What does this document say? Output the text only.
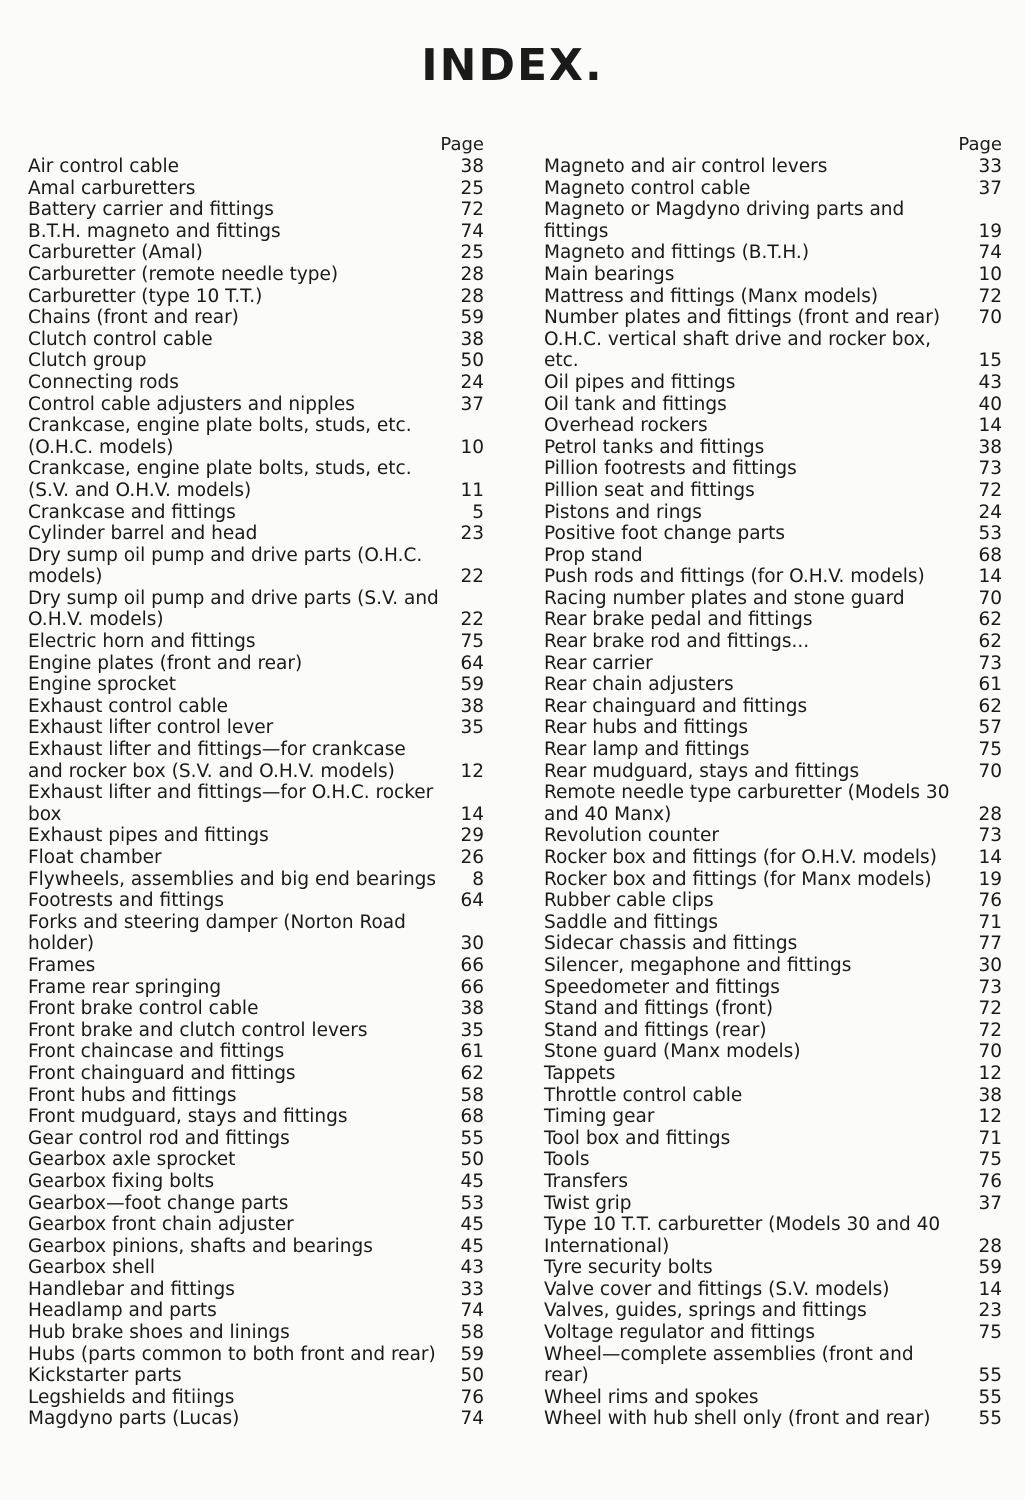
INDEX.
Page
Air control cable	38
Amal carburetters	25
Battery carrier and fittings	72
B.T.H. magneto and fittings	74
Carburetter (Amal)	25
Carburetter (remote needle type)	28
Carburetter (type 10 T.T.)	28
Chains (front and rear)	59
Clutch control cable	38
Clutch group	50
Connecting rods	24
Control cable adjusters and nipples	37
Crankcase, engine plate bolts, studs, etc. (O.H.C. models)	10
Crankcase, engine plate bolts, studs, etc. (S.V. and O.H.V. models)	11
Crankcase and fittings	5
Cylinder barrel and head	23
Dry sump oil pump and drive parts (O.H.C. models)	22
Dry sump oil pump and drive parts (S.V. and O.H.V. models)	22
Electric horn and fittings	75
Engine plates (front and rear)	64
Engine sprocket	59
Exhaust control cable	38
Exhaust lifter control lever	35
Exhaust lifter and fittings—for crankcase and rocker box (S.V. and O.H.V. models)	12
Exhaust lifter and fittings—for O.H.C. rocker box	14
Exhaust pipes and fittings	29
Float chamber	26
Flywheels, assemblies and big end bearings	8
Footrests and fittings	64
Forks and steering damper (Norton Road holder)	30
Frames	66
Frame rear springing	66
Front brake control cable	38
Front brake and clutch control levers	35
Front chaincase and fittings	61
Front chainguard and fittings	62
Front hubs and fittings	58
Front mudguard, stays and fittings	68
Gear control rod and fittings	55
Gearbox axle sprocket	50
Gearbox fixing bolts	45
Gearbox—foot change parts	53
Gearbox front chain adjuster	45
Gearbox pinions, shafts and bearings	45
Gearbox shell	43
Handlebar and fittings	33
Headlamp and parts	74
Hub brake shoes and linings	58
Hubs (parts common to both front and rear)	59
Kickstarter parts	50
Legshields and fitiings	76
Magdyno parts (Lucas)	74
Page
Magneto and air control levers	33
Magneto control cable	37
Magneto or Magdyno driving parts and fittings	19
Magneto and fittings (B.T.H.)	74
Main bearings	10
Mattress and fittings (Manx models)	72
Number plates and fittings (front and rear)	70
O.H.C. vertical shaft drive and rocker box, etc.	15
Oil pipes and fittings	43
Oil tank and fittings	40
Overhead rockers	14
Petrol tanks and fittings	38
Pillion footrests and fittings	73
Pillion seat and fittings	72
Pistons and rings	24
Positive foot change parts	53
Prop stand	68
Push rods and fittings (for O.H.V. models)	14
Racing number plates and stone guard	70
Rear brake pedal and fittings	62
Rear brake rod and fittings...	62
Rear carrier	73
Rear chain adjusters	61
Rear chainguard and fittings	62
Rear hubs and fittings	57
Rear lamp and fittings	75
Rear mudguard, stays and fittings	70
Remote needle type carburetter (Models 30 and 40 Manx)	28
Revolution counter	73
Rocker box and fittings (for O.H.V. models)	14
Rocker box and fittings (for Manx models)	19
Rubber cable clips	76
Saddle and fittings	71
Sidecar chassis and fittings	77
Silencer, megaphone and fittings	30
Speedometer and fittings	73
Stand and fittings (front)	72
Stand and fittings (rear)	72
Stone guard (Manx models)	70
Tappets	12
Throttle control cable	38
Timing gear	12
Tool box and fittings	71
Tools	75
Transfers	76
Twist grip	37
Type 10 T.T. carburetter (Models 30 and 40 International)	28
Tyre security bolts	59
Valve cover and fittings (S.V. models)	14
Valves, guides, springs and fittings	23
Voltage regulator and fittings	75
Wheel—complete assemblies (front and rear)	55
Wheel rims and spokes	55
Wheel with hub shell only (front and rear)	55
